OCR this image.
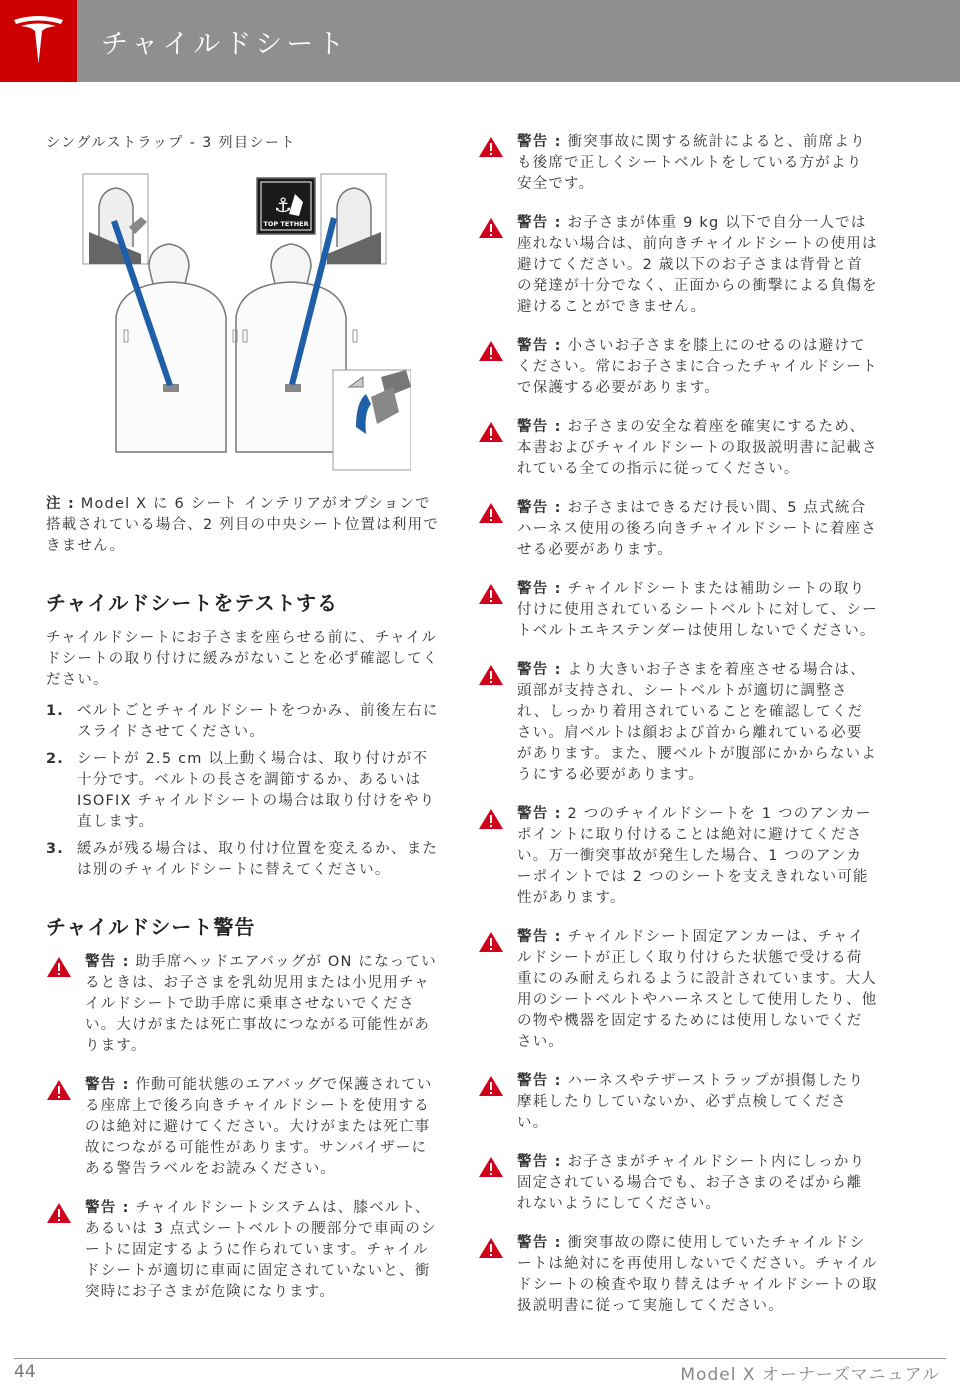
チャイルドシート
シングルストラップ - 3 列目シート
⚓
TOP TETHER
注 : Model X に 6 シート インテリアがオプションで搭載されている場合、2 列目の中央シート位置は利用できません。
チャイルドシートをテストする
チャイルドシートにお子さまを座らせる前に、チャイルドシートの取り付けに緩みがないことを必ず確認してください。
1. ベルトごとチャイルドシートをつかみ、前後左右にスライドさせてください。
2. シートが 2.5 cm 以上動く場合は、取り付けが不十分です。ベルトの長さを調節するか、あるいは ISOFIX チャイルドシートの場合は取り付けをやり直します。
3. 緩みが残る場合は、取り付け位置を変えるか、または別のチャイルドシートに替えてください。
チャイルドシート警告
警告 : 助手席ヘッドエアバッグが ON になっているときは、お子さまを乳幼児用または小児用チャイルドシートで助手席に乗車させないでください。大けがまたは死亡事故につながる可能性があります。
警告 : 作動可能状態のエアバッグで保護されている座席上で後ろ向きチャイルドシートを使用するのは絶対に避けてください。大けがまたは死亡事故につながる可能性があります。サンバイザーにある警告ラベルをお読みください。
警告 : チャイルドシートシステムは、膝ベルト、あるいは 3 点式シートベルトの腰部分で車両のシートに固定するように作られています。チャイルドシートが適切に車両に固定されていないと、衝突時にお子さまが危険になります。
警告 : 衝突事故に関する統計によると、前席よりも後席で正しくシートベルトをしている方がより安全です。
警告 : お子さまが体重 9 kg 以下で自分一人では座れない場合は、前向きチャイルドシートの使用は避けてください。2 歳以下のお子さまは背骨と首の発達が十分でなく、正面からの衝撃による負傷を避けることができません。
警告 : 小さいお子さまを膝上にのせるのは避けてください。常にお子さまに合ったチャイルドシートで保護する必要があります。
警告 : お子さまの安全な着座を確実にするため、本書およびチャイルドシートの取扱説明書に記載されている全ての指示に従ってください。
警告 : お子さまはできるだけ長い間、5 点式統合ハーネス使用の後ろ向きチャイルドシートに着座させる必要があります。
警告 : チャイルドシートまたは補助シートの取り付けに使用されているシートベルトに対して、シートベルトエキステンダーは使用しないでください。
警告 : より大きいお子さまを着座させる場合は、頭部が支持され、シートベルトが適切に調整され、しっかり着用されていることを確認してください。肩ベルトは顔および首から離れている必要があります。また、腰ベルトが腹部にかからないようにする必要があります。
警告 : 2 つのチャイルドシートを 1 つのアンカーポイントに取り付けることは絶対に避けてください。万一衝突事故が発生した場合、1 つのアンカーポイントでは 2 つのシートを支えきれない可能性があります。
警告 : チャイルドシート固定アンカーは、チャイルドシートが正しく取り付けらた状態で受ける荷重にのみ耐えられるように設計されています。大人用のシートベルトやハーネスとして使用したり、他の物や機器を固定するためには使用しないでください。
警告 : ハーネスやテザーストラップが損傷したり摩耗したりしていないか、必ず点検してください。
警告 : お子さまがチャイルドシート内にしっかり固定されている場合でも、お子さまのそばから離れないようにしてください。
警告 : 衝突事故の際に使用していたチャイルドシートは絶対にを再使用しないでください。チャイルドシートの検査や取り替えはチャイルドシートの取扱説明書に従って実施してください。
44	Model X オーナーズマニュアル
